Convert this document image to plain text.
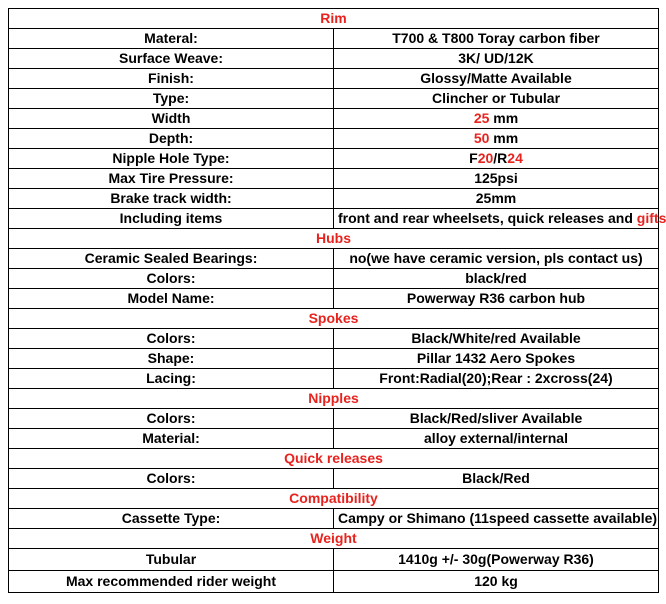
Rim	
Materal:	T700 & T800 Toray carbon fiber
Surface Weave:	3K/ UD/12K
Finish:	Glossy/Matte Available
Type:	Clincher or Tubular
Width	25 mm
Depth:	50 mm
Nipple Hole Type:	F20/R24
Max Tire Pressure:	125psi
Brake track width:	25mm
Including items	front and rear wheelsets, quick releases and gifts
Hubs	
Ceramic Sealed Bearings:	no(we have ceramic version, pls contact us)
Colors:	black/red
Model Name:	Powerway R36 carbon hub
Spokes	
Colors:	Black/White/red Available
Shape:	Pillar 1432 Aero Spokes
Lacing:	Front:Radial(20);Rear : 2xcross(24)
Nipples	
Colors:	Black/Red/sliver Available
Material:	alloy external/internal
Quick releases	
Colors:	Black/Red
Compatibility	
Cassette Type:	Campy or Shimano (11speed cassette available)
Weight	
Tubular	1410g +/- 30g(Powerway R36)
Max recommended rider weight	120 kg
